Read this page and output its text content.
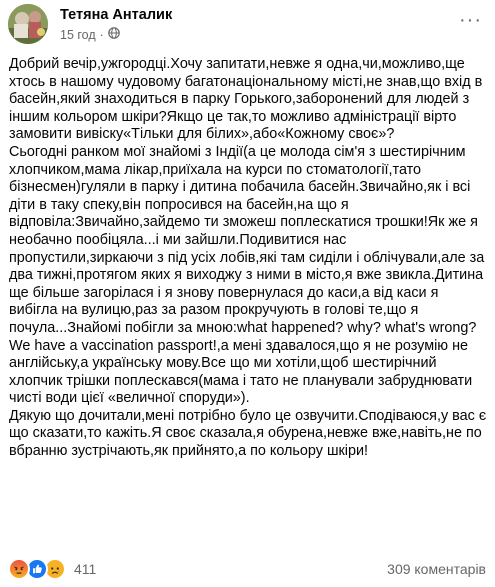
Тетяна Анталик
15 год ·
···

Добрий вечір,ужгородці.Хочу запитати,невже я одна,чи,можливо,ще хтось в нашому чудовому багатонаціональному місті,не знав,що вхід в басейн,який знаходиться в парку Горького,заборонений для людей з іншим кольором шкіри?Якщо це так,то можливо адміністрації вірто замовити вивіску«Тільки для білих»,або«Кожному своє»?

Сьогодні ранком мої знайомі з Індії(а це молода сім'я з шестирічним хлопчиком,мама лікар,приїхала на курси по стоматології,тато бізнесмен)гуляли в парку і дитина побачила басейн.Звичайно,як і всі діти в таку спеку,він попросився на басейн,на що я відповіла:Звичайно,зайдемо ти зможеш поплескатися трошки!Як же я необачно пообіцяла...і ми зайшли.Подивитися нас пропустили,зиркаючи з під усіх лобів,які там сиділи і облічували,але за два тижні,протягом яких я виходжу з ними в місто,я вже звикла.Дитина ще більше загорілася і я знову повернулася до каси,а від каси я вибігла на вулицю,раз за разом прокручують в голові те,що я почула...Знайомі побігли за мною:what happened? why? what's wrong? We have a vaccination passport!,а мені здавалося,що я не розумію не англійську,а українську мову.Все що ми хотіли,щоб шестирічний хлопчик трішки поплескався(мама і тато не планували забруднювати чисті води цієї «величної споруди»).

Дякую що дочитали,мені потрібно було це озвучити.Сподіваюся,у вас є що сказати,то кажіть.Я своє сказала,я обурена,невже вже,навіть,не по вбранню зустрічають,як прийнято,а по кольору шкіри!

411	309 коментарів
